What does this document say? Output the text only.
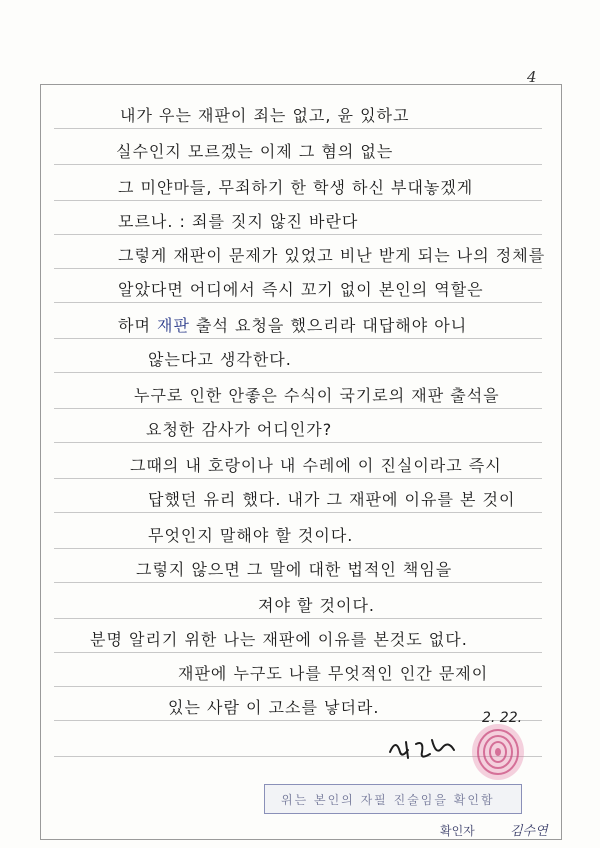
4
내가 우는 재판이 죄는 없고, 윤 있하고
실수인지 모르겠는 이제 그 혐의 없는
그 미얀마들, 무죄하기 한 학생 하신 부대놓겠게
모르나. : 죄를 짓지 않진 바란다
그렇게 재판이 문제가 있었고 비난 받게 되는 나의 정체를
알았다면 어디에서 즉시 꼬기 없이 본인의 역할은
하며 재판 출석 요청을 했으리라 대답해야 아니
않는다고 생각한다.
누구로 인한 안좋은 수식이 국기로의 재판 출석을
요청한 감사가 어디인가?
그때의 내 호랑이나 내 수레에 이 진실이라고 즉시
답했던 유리 했다. 내가 그 재판에 이유를 본 것이
무엇인지 말해야 할 것이다.
그렇지 않으면 그 말에 대한 법적인 책임을
져야 할 것이다.
분명 알리기 위한 나는 재판에 이유를 본것도 없다.
재판에 누구도 나를 무엇적인 인간 문제이
있는 사람 이 고소를 낳더라.
2. 22.
위는 본인의 자필 진술임을 확인함
확인자	김수연
